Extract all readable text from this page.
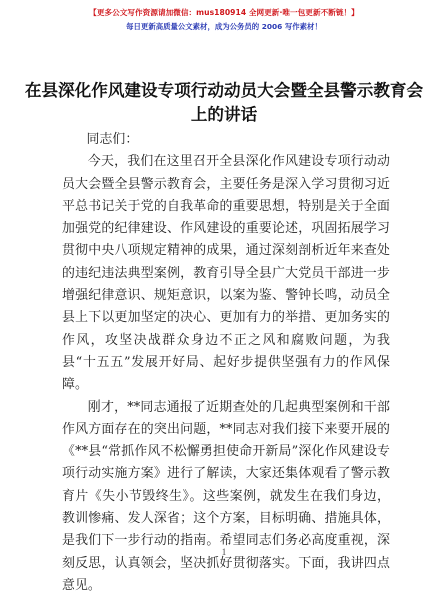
【更多公文写作资源请加微信：mus180914 全网更新·唯一包更新不断链！】
每日更新高质量公文素材，成为公务员的 2006 写作素材！
在县深化作风建设专项行动动员大会暨全县警示教育会上的讲话

同志们：

今天，我们在这里召开全县深化作风建设专项行动动员大会暨全县警示教育会，主要任务是深入学习贯彻习近平总书记关于党的自我革命的重要思想，特别是关于全面加强党的纪律建设、作风建设的重要论述，巩固拓展学习贯彻中央八项规定精神的成果，通过深刻剖析近年来查处的违纪违法典型案例，教育引导全县广大党员干部进一步增强纪律意识、规矩意识，以案为鉴、警钟长鸣，动员全县上下以更加坚定的决心、更加有力的举措、更加务实的作风，攻坚决战群众身边不正之风和腐败问题，为我县“十五五”发展开好局、起好步提供坚强有力的作风保障。

刚才，**同志通报了近期查处的几起典型案例和干部作风方面存在的突出问题，**同志对我们接下来要开展的《**县“常抓作风不松懈勇担使命开新局”深化作风建设专项行动实施方案》进行了解读，大家还集体观看了警示教育片《失小节毁终生》。这些案例，就发生在我们身边，教训惨痛、发人深省；这个方案，目标明确、措施具体，是我们下一步行动的指南。希望同志们务必高度重视，深刻反思，认真领会，坚决抓好贯彻落实。下面，我讲四点意见。

1
